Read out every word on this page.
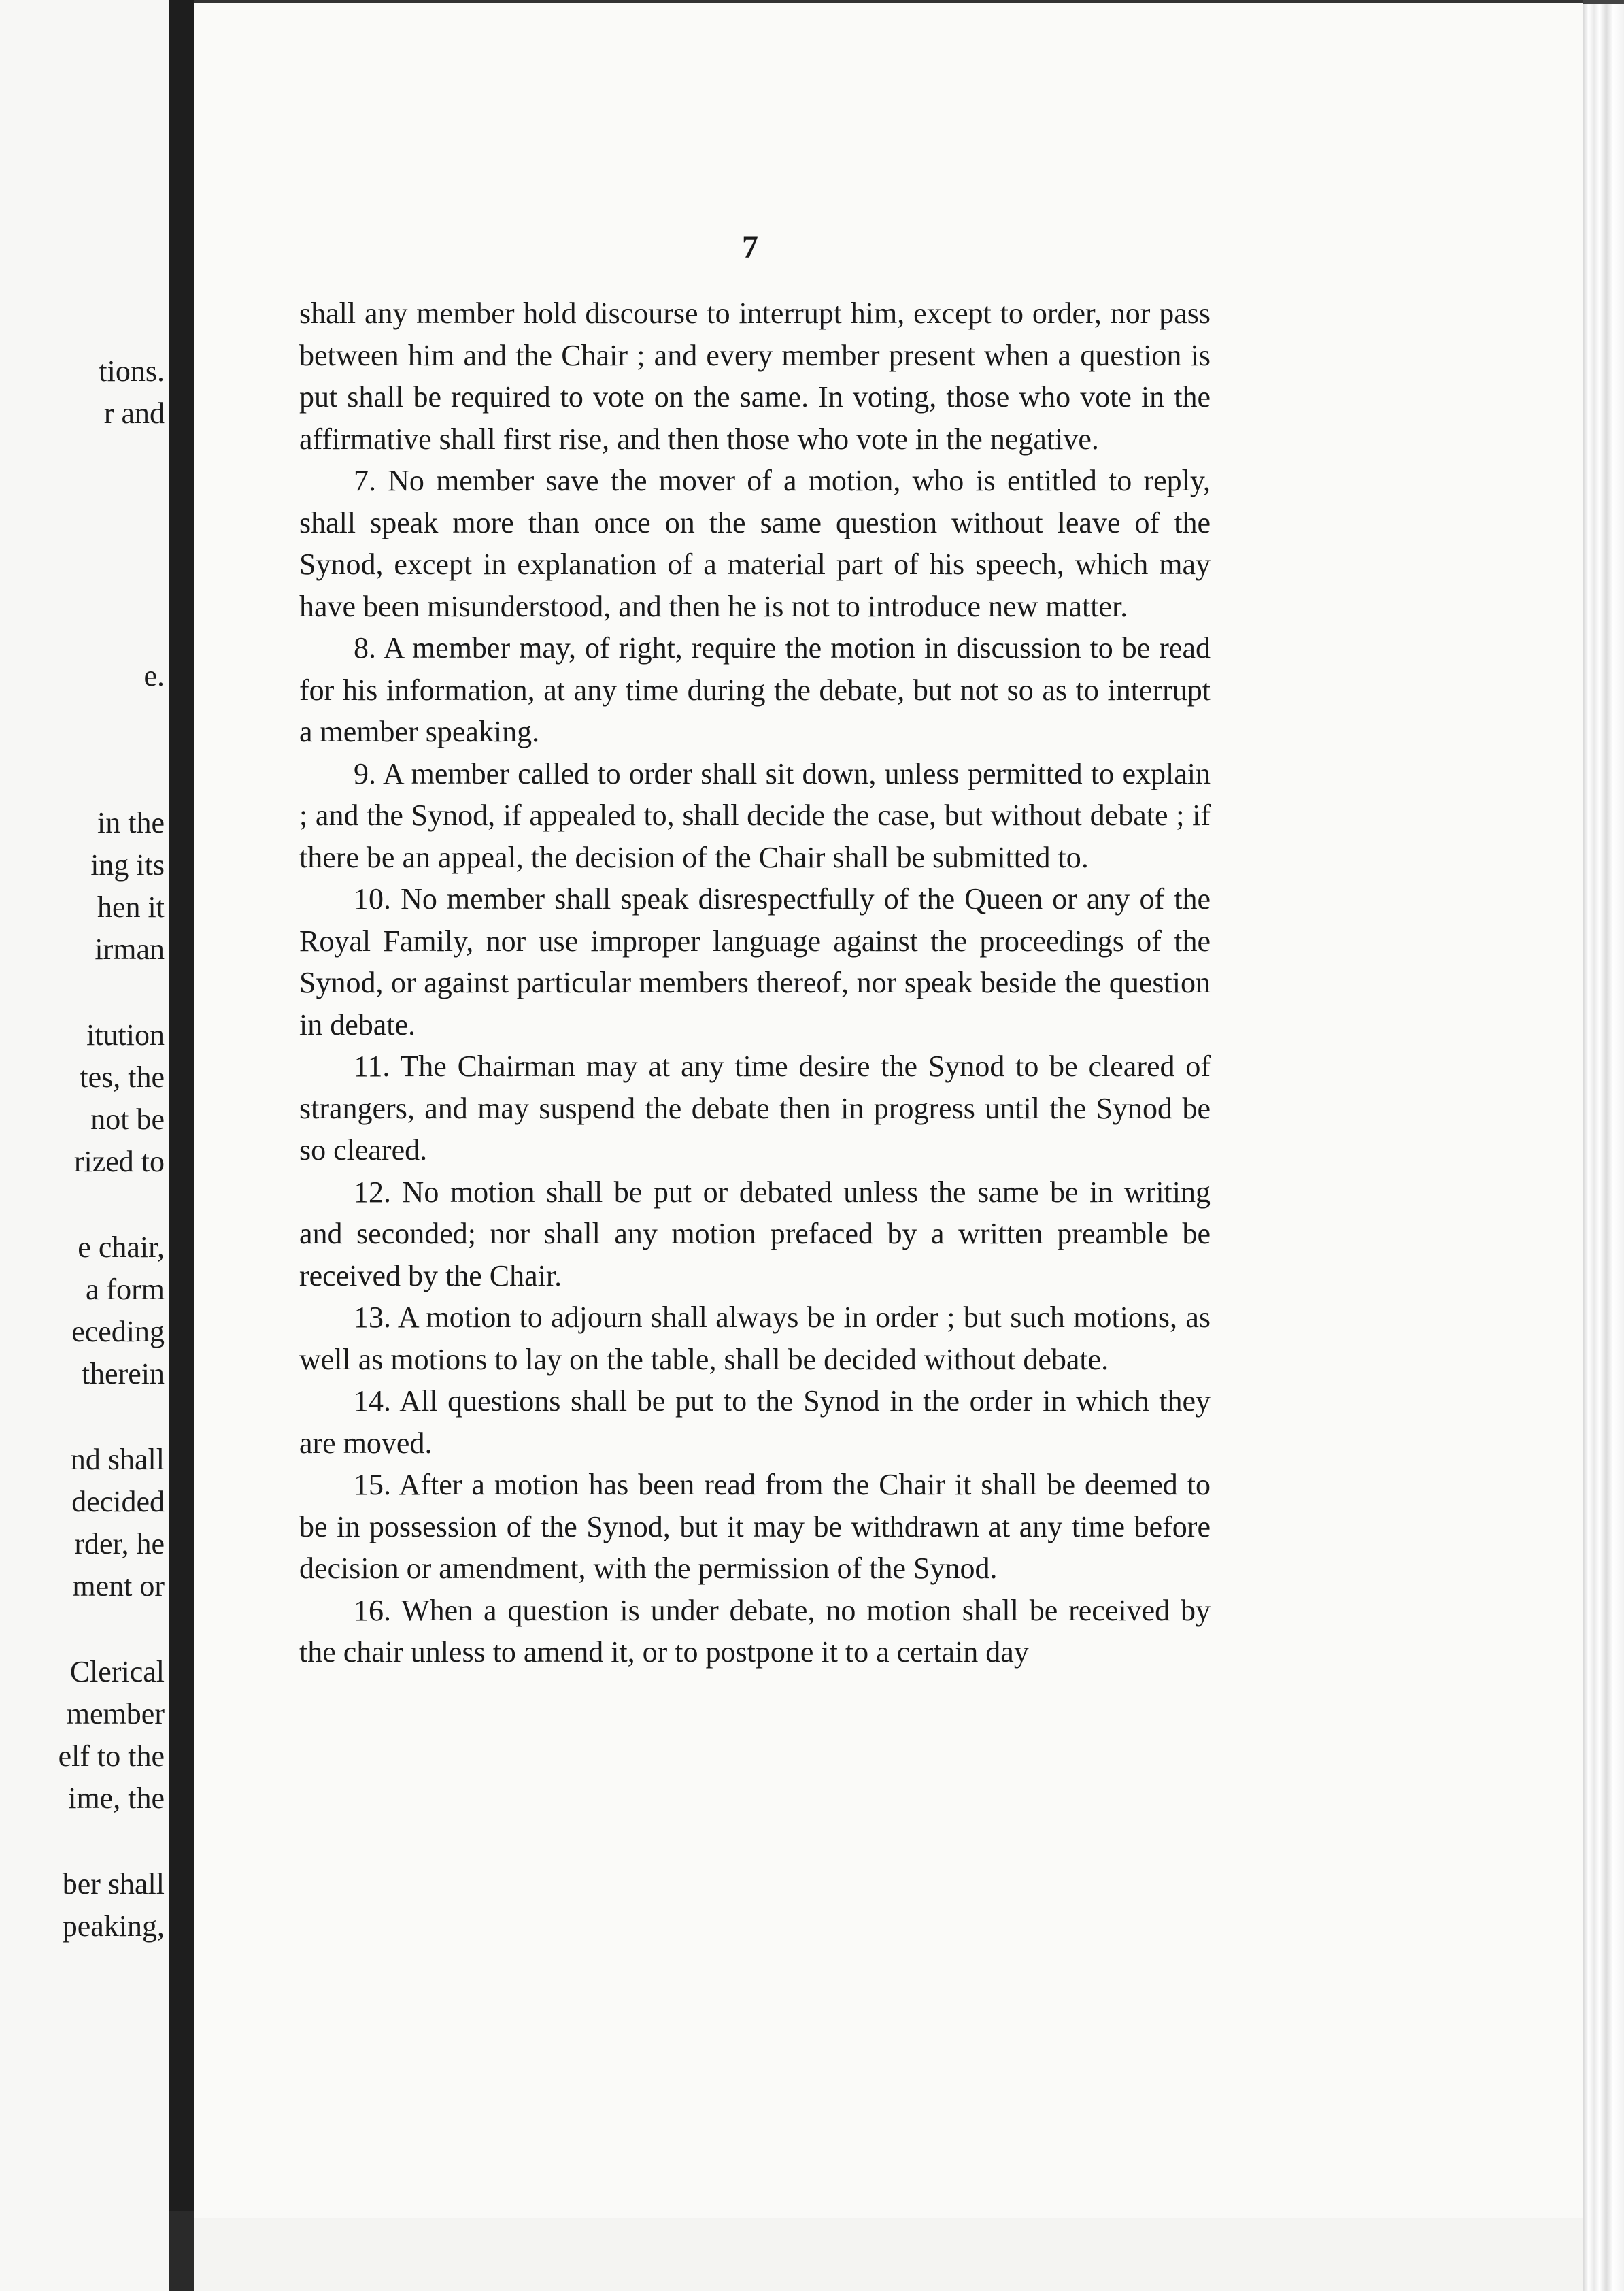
tions.
r and
e.
in the
ing its
hen it
irman
itution
tes, the
not be
rized to
e chair,
a form
eceding
therein
nd shall
decided
rder, he
ment or
Clerical
member
elf to the
ime, the
ber shall
peaking,
7

shall any member hold discourse to interrupt him, except to order, nor pass between him and the Chair ; and every member present when a question is put shall be required to vote on the same. In voting, those who vote in the affirmative shall first rise, and then those who vote in the negative.

7. No member save the mover of a motion, who is entitled to reply, shall speak more than once on the same question without leave of the Synod, except in explanation of a material part of his speech, which may have been misunderstood, and then he is not to introduce new matter.

8. A member may, of right, require the motion in discussion to be read for his information, at any time during the debate, but not so as to interrupt a member speaking.

9. A member called to order shall sit down, unless permitted to explain ; and the Synod, if appealed to, shall decide the case, but without debate ; if there be an appeal, the decision of the Chair shall be submitted to.

10. No member shall speak disrespectfully of the Queen or any of the Royal Family, nor use improper language against the proceedings of the Synod, or against particular members thereof, nor speak beside the question in debate.

11. The Chairman may at any time desire the Synod to be cleared of strangers, and may suspend the debate then in progress until the Synod be so cleared.

12. No motion shall be put or debated unless the same be in writing and seconded; nor shall any motion prefaced by a written preamble be received by the Chair.

13. A motion to adjourn shall always be in order ; but such motions, as well as motions to lay on the table, shall be decided without debate.

14. All questions shall be put to the Synod in the order in which they are moved.

15. After a motion has been read from the Chair it shall be deemed to be in possession of the Synod, but it may be withdrawn at any time before decision or amendment, with the permission of the Synod.

16. When a question is under debate, no motion shall be received by the chair unless to amend it, or to postpone it to a certain day
